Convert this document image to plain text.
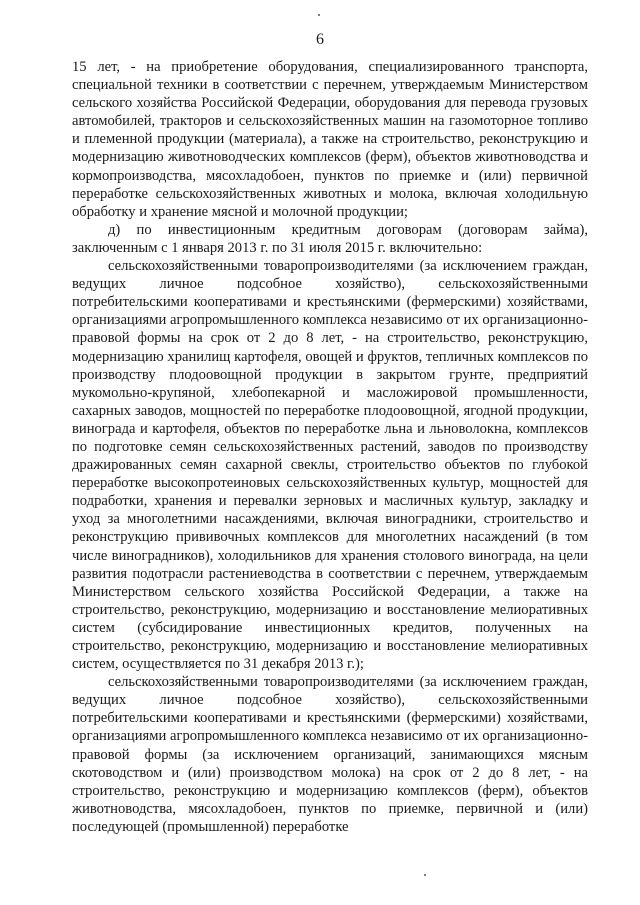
6

15 лет, - на приобретение оборудования, специализированного транспорта, специальной техники в соответствии с перечнем, утверждаемым Министерством сельского хозяйства Российской Федерации, оборудования для перевода грузовых автомобилей, тракторов и сельскохозяйственных машин на газомоторное топливо и племенной продукции (материала), а также на строительство, реконструкцию и модернизацию животноводческих комплексов (ферм), объектов животноводства и кормопроизводства, мясохладобоен, пунктов по приемке и (или) первичной переработке сельскохозяйственных животных и молока, включая холодильную обработку и хранение мясной и молочной продукции;

д) по инвестиционным кредитным договорам (договорам займа), заключенным с 1 января 2013 г. по 31 июля 2015 г. включительно:

сельскохозяйственными товаропроизводителями (за исключением граждан, ведущих личное подсобное хозяйство), сельскохозяйственными потребительскими кооперативами и крестьянскими (фермерскими) хозяйствами, организациями агропромышленного комплекса независимо от их организационно-правовой формы на срок от 2 до 8 лет, - на строительство, реконструкцию, модернизацию хранилищ картофеля, овощей и фруктов, тепличных комплексов по производству плодоовощной продукции в закрытом грунте, предприятий мукомольно-крупяной, хлебопекарной и масложировой промышленности, сахарных заводов, мощностей по переработке плодоовощной, ягодной продукции, винограда и картофеля, объектов по переработке льна и льноволокна, комплексов по подготовке семян сельскохозяйственных растений, заводов по производству дражированных семян сахарной свеклы, строительство объектов по глубокой переработке высокопротеиновых сельскохозяйственных культур, мощностей для подработки, хранения и перевалки зерновых и масличных культур, закладку и уход за многолетними насаждениями, включая виноградники, строительство и реконструкцию прививочных комплексов для многолетних насаждений (в том числе виноградников), холодильников для хранения столового винограда, на цели развития подотрасли растениеводства в соответствии с перечнем, утверждаемым Министерством сельского хозяйства Российской Федерации, а также на строительство, реконструкцию, модернизацию и восстановление мелиоративных систем (субсидирование инвестиционных кредитов, полученных на строительство, реконструкцию, модернизацию и восстановление мелиоративных систем, осуществляется по 31 декабря 2013 г.);

сельскохозяйственными товаропроизводителями (за исключением граждан, ведущих личное подсобное хозяйство), сельскохозяйственными потребительскими кооперативами и крестьянскими (фермерскими) хозяйствами, организациями агропромышленного комплекса независимо от их организационно-правовой формы (за исключением организаций, занимающихся мясным скотоводством и (или) производством молока) на срок от 2 до 8 лет, - на строительство, реконструкцию и модернизацию комплексов (ферм), объектов животноводства, мясохладобоен, пунктов по приемке, первичной и (или) последующей (промышленной) переработке
